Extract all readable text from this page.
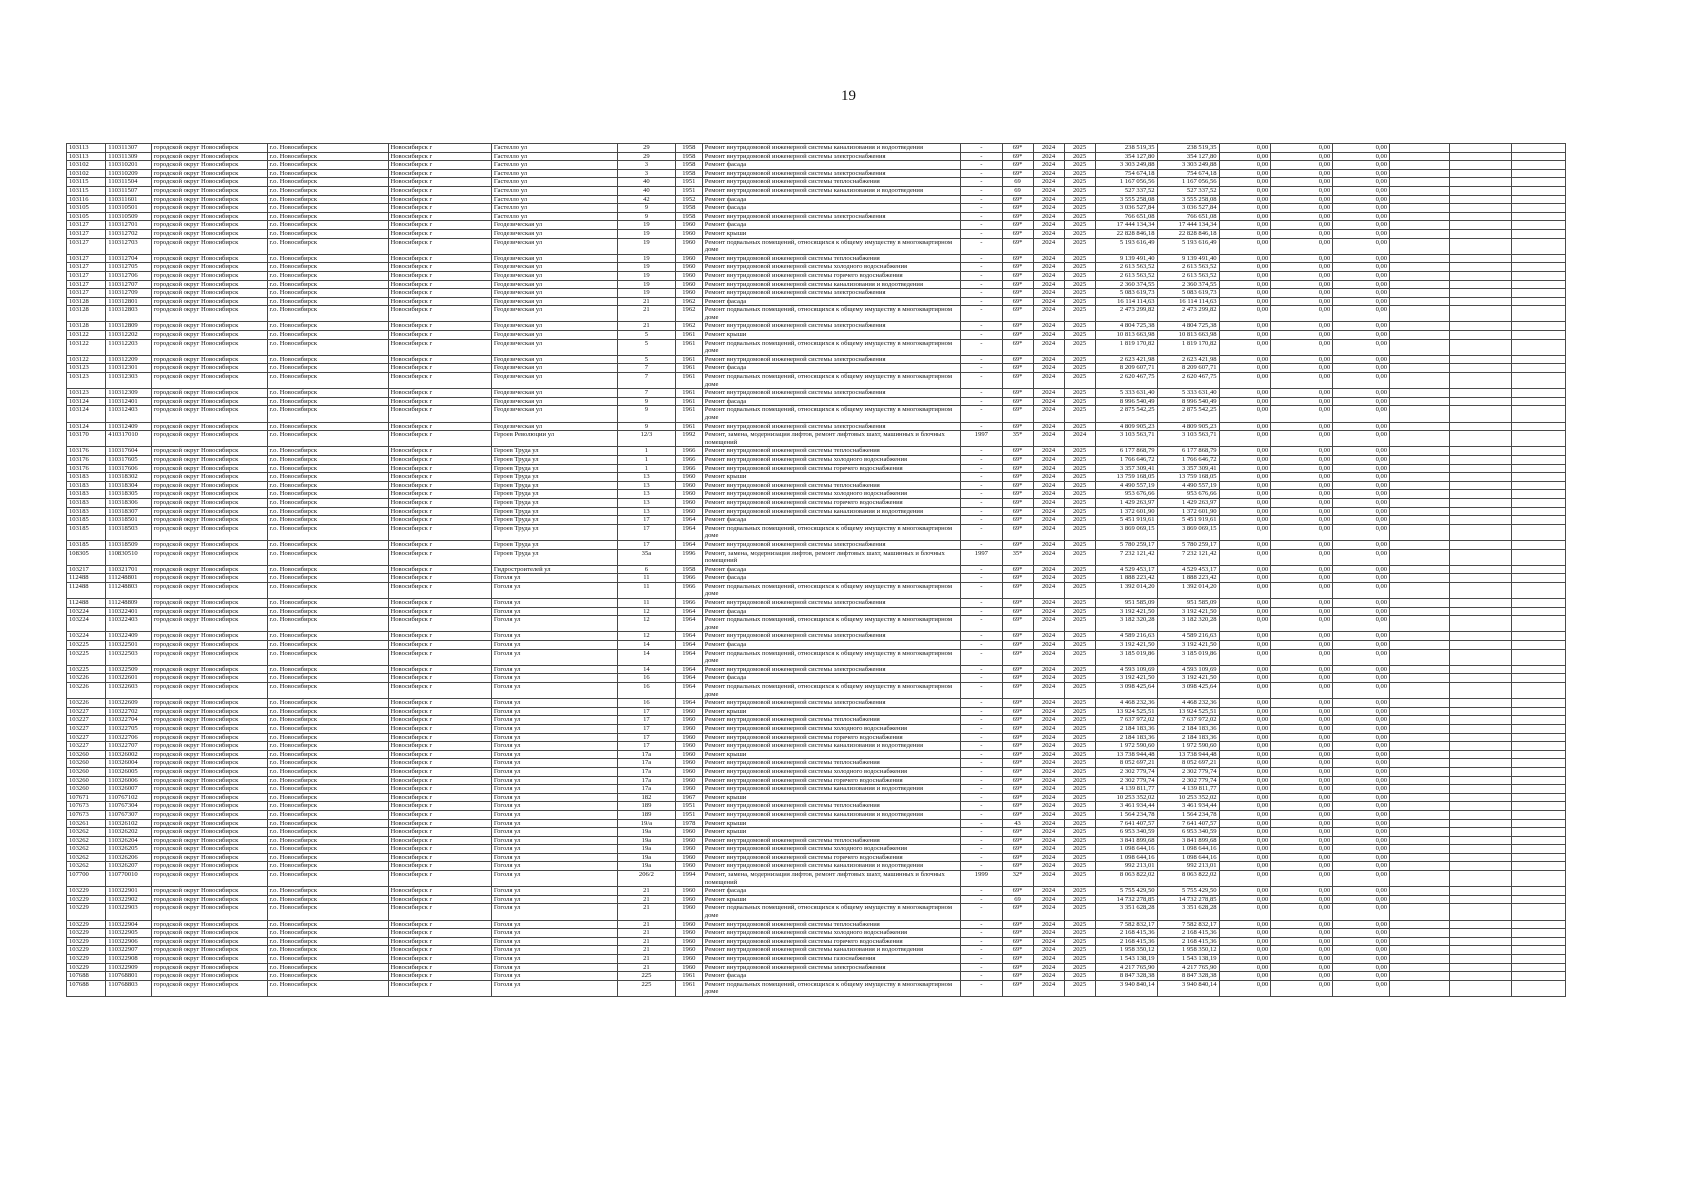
19
103113	110311307	городской округ Новосибирск	г.о. Новосибирск	Новосибирск г	Гастелло ул	29	1958	Ремонт внутридомовой инженерной системы канализования и водоотведения	-	69*	2024	2025	238 519,35	238 519,35	0,00	0,00	0,00			
103113	110311309	городской округ Новосибирск	г.о. Новосибирск	Новосибирск г	Гастелло ул	29	1958	Ремонт внутридомовой инженерной системы электроснабжения	-	69*	2024	2025	354 127,80	354 127,80	0,00	0,00	0,00			
103102	110310201	городской округ Новосибирск	г.о. Новосибирск	Новосибирск г	Гастелло ул	3	1958	Ремонт фасада	-	69*	2024	2025	3 303 249,88	3 303 249,88	0,00	0,00	0,00			
103102	110310209	городской округ Новосибирск	г.о. Новосибирск	Новосибирск г	Гастелло ул	3	1958	Ремонт внутридомовой инженерной системы электроснабжения	-	69*	2024	2025	754 674,18	754 674,18	0,00	0,00	0,00			
103115	110311504	городской округ Новосибирск	г.о. Новосибирск	Новосибирск г	Гастелло ул	40	1951	Ремонт внутридомовой инженерной системы теплоснабжения	-	69	2024	2025	1 167 056,56	1 167 056,56	0,00	0,00	0,00			
103115	110311507	городской округ Новосибирск	г.о. Новосибирск	Новосибирск г	Гастелло ул	40	1951	Ремонт внутридомовой инженерной системы канализования и водоотведения	-	69	2024	2025	527 337,52	527 337,52	0,00	0,00	0,00			
103116	110311601	городской округ Новосибирск	г.о. Новосибирск	Новосибирск г	Гастелло ул	42	1952	Ремонт фасада	-	69*	2024	2025	3 555 258,08	3 555 258,08	0,00	0,00	0,00			
103105	110310501	городской округ Новосибирск	г.о. Новосибирск	Новосибирск г	Гастелло ул	9	1958	Ремонт фасада	-	69*	2024	2025	3 036 527,84	3 036 527,84	0,00	0,00	0,00			
103105	110310509	городской округ Новосибирск	г.о. Новосибирск	Новосибирск г	Гастелло ул	9	1958	Ремонт внутридомовой инженерной системы электроснабжения	-	69*	2024	2025	766 651,08	766 651,08	0,00	0,00	0,00			
103127	110312701	городской округ Новосибирск	г.о. Новосибирск	Новосибирск г	Геодезическая ул	19	1960	Ремонт фасада	-	69*	2024	2025	17 444 134,34	17 444 134,34	0,00	0,00	0,00			
103127	110312702	городской округ Новосибирск	г.о. Новосибирск	Новосибирск г	Геодезическая ул	19	1960	Ремонт крыши	-	69*	2024	2025	22 828 846,18	22 828 846,18	0,00	0,00	0,00			
103127	110312703	городской округ Новосибирск	г.о. Новосибирск	Новосибирск г	Геодезическая ул	19	1960	Ремонт подвальных помещений, относящихся к общему имуществу в многоквартирном доме	-	69*	2024	2025	5 193 616,49	5 193 616,49	0,00	0,00	0,00			
103127	110312704	городской округ Новосибирск	г.о. Новосибирск	Новосибирск г	Геодезическая ул	19	1960	Ремонт внутридомовой инженерной системы теплоснабжения	-	69*	2024	2025	9 139 491,40	9 139 491,40	0,00	0,00	0,00			
103127	110312705	городской округ Новосибирск	г.о. Новосибирск	Новосибирск г	Геодезическая ул	19	1960	Ремонт внутридомовой инженерной системы холодного водоснабжения	-	69*	2024	2025	2 613 563,52	2 613 563,52	0,00	0,00	0,00			
103127	110312706	городской округ Новосибирск	г.о. Новосибирск	Новосибирск г	Геодезическая ул	19	1960	Ремонт внутридомовой инженерной системы горячего водоснабжения	-	69*	2024	2025	2 613 563,52	2 613 563,52	0,00	0,00	0,00			
103127	110312707	городской округ Новосибирск	г.о. Новосибирск	Новосибирск г	Геодезическая ул	19	1960	Ремонт внутридомовой инженерной системы канализования и водоотведения	-	69*	2024	2025	2 360 374,55	2 360 374,55	0,00	0,00	0,00			
103127	110312709	городской округ Новосибирск	г.о. Новосибирск	Новосибирск г	Геодезическая ул	19	1960	Ремонт внутридомовой инженерной системы электроснабжения	-	69*	2024	2025	5 083 619,73	5 083 619,73	0,00	0,00	0,00			
103128	110312801	городской округ Новосибирск	г.о. Новосибирск	Новосибирск г	Геодезическая ул	21	1962	Ремонт фасада	-	69*	2024	2025	16 114 114,63	16 114 114,63	0,00	0,00	0,00			
103128	110312803	городской округ Новосибирск	г.о. Новосибирск	Новосибирск г	Геодезическая ул	21	1962	Ремонт подвальных помещений, относящихся к общему имуществу в многоквартирном доме	-	69*	2024	2025	2 473 299,82	2 473 299,82	0,00	0,00	0,00			
103128	110312809	городской округ Новосибирск	г.о. Новосибирск	Новосибирск г	Геодезическая ул	21	1962	Ремонт внутридомовой инженерной системы электроснабжения	-	69*	2024	2025	4 804 725,38	4 804 725,38	0,00	0,00	0,00			
103122	110312202	городской округ Новосибирск	г.о. Новосибирск	Новосибирск г	Геодезическая ул	5	1961	Ремонт крыши	-	69*	2024	2025	10 813 663,98	10 813 663,98	0,00	0,00	0,00			
103122	110312203	городской округ Новосибирск	г.о. Новосибирск	Новосибирск г	Геодезическая ул	5	1961	Ремонт подвальных помещений, относящихся к общему имуществу в многоквартирном доме	-	69*	2024	2025	1 819 170,82	1 819 170,82	0,00	0,00	0,00			
103122	110312209	городской округ Новосибирск	г.о. Новосибирск	Новосибирск г	Геодезическая ул	5	1961	Ремонт внутридомовой инженерной системы электроснабжения	-	69*	2024	2025	2 623 421,98	2 623 421,98	0,00	0,00	0,00			
103123	110312301	городской округ Новосибирск	г.о. Новосибирск	Новосибирск г	Геодезическая ул	7	1961	Ремонт фасада	-	69*	2024	2025	8 209 607,71	8 209 607,71	0,00	0,00	0,00			
103123	110312303	городской округ Новосибирск	г.о. Новосибирск	Новосибирск г	Геодезическая ул	7	1961	Ремонт подвальных помещений, относящихся к общему имуществу в многоквартирном доме	-	69*	2024	2025	2 620 467,75	2 620 467,75	0,00	0,00	0,00			
103123	110312309	городской округ Новосибирск	г.о. Новосибирск	Новосибирск г	Геодезическая ул	7	1961	Ремонт внутридомовой инженерной системы электроснабжения	-	69*	2024	2025	5 333 631,40	5 333 631,40	0,00	0,00	0,00			
103124	110312401	городской округ Новосибирск	г.о. Новосибирск	Новосибирск г	Геодезическая ул	9	1961	Ремонт фасада	-	69*	2024	2025	8 996 540,49	8 996 540,49	0,00	0,00	0,00			
103124	110312403	городской округ Новосибирск	г.о. Новосибирск	Новосибирск г	Геодезическая ул	9	1961	Ремонт подвальных помещений, относящихся к общему имуществу в многоквартирном доме	-	69*	2024	2025	2 875 542,25	2 875 542,25	0,00	0,00	0,00			
103124	110312409	городской округ Новосибирск	г.о. Новосибирск	Новосибирск г	Геодезическая ул	9	1961	Ремонт внутридомовой инженерной системы электроснабжения	-	69*	2024	2025	4 809 905,23	4 809 905,23	0,00	0,00	0,00			
103170	410317010	городской округ Новосибирск	г.о. Новосибирск	Новосибирск г	Героев Революции ул	12/3	1992	Ремонт, замена, модернизация лифтов, ремонт лифтовых шахт, машинных и блочных помещений	1997	35*	2024	2024	3 103 563,71	3 103 563,71	0,00	0,00	0,00			
103176	110317604	городской округ Новосибирск	г.о. Новосибирск	Новосибирск г	Героев Труда ул	1	1966	Ремонт внутридомовой инженерной системы теплоснабжения	-	69*	2024	2025	6 177 868,79	6 177 868,79	0,00	0,00	0,00			
103176	110317605	городской округ Новосибирск	г.о. Новосибирск	Новосибирск г	Героев Труда ул	1	1966	Ремонт внутридомовой инженерной системы холодного водоснабжения	-	69*	2024	2025	1 766 646,72	1 766 646,72	0,00	0,00	0,00			
103176	110317606	городской округ Новосибирск	г.о. Новосибирск	Новосибирск г	Героев Труда ул	1	1966	Ремонт внутридомовой инженерной системы горячего водоснабжения	-	69*	2024	2025	3 357 309,41	3 357 309,41	0,00	0,00	0,00			
103183	110318302	городской округ Новосибирск	г.о. Новосибирск	Новосибирск г	Героев Труда ул	13	1960	Ремонт крыши	-	69*	2024	2025	13 759 168,05	13 759 168,05	0,00	0,00	0,00			
103183	110318304	городской округ Новосибирск	г.о. Новосибирск	Новосибирск г	Героев Труда ул	13	1960	Ремонт внутридомовой инженерной системы теплоснабжения	-	69*	2024	2025	4 490 557,19	4 490 557,19	0,00	0,00	0,00			
103183	110318305	городской округ Новосибирск	г.о. Новосибирск	Новосибирск г	Героев Труда ул	13	1960	Ремонт внутридомовой инженерной системы холодного водоснабжения	-	69*	2024	2025	953 676,66	953 676,66	0,00	0,00	0,00			
103183	110318306	городской округ Новосибирск	г.о. Новосибирск	Новосибирск г	Героев Труда ул	13	1960	Ремонт внутридомовой инженерной системы горячего водоснабжения	-	69*	2024	2025	1 429 263,97	1 429 263,97	0,00	0,00	0,00			
103183	110318307	городской округ Новосибирск	г.о. Новосибирск	Новосибирск г	Героев Труда ул	13	1960	Ремонт внутридомовой инженерной системы канализования и водоотведения	-	69*	2024	2025	1 372 601,90	1 372 601,90	0,00	0,00	0,00			
103185	110318501	городской округ Новосибирск	г.о. Новосибирск	Новосибирск г	Героев Труда ул	17	1964	Ремонт фасада	-	69*	2024	2025	5 451 919,61	5 451 919,61	0,00	0,00	0,00			
103185	110318503	городской округ Новосибирск	г.о. Новосибирск	Новосибирск г	Героев Труда ул	17	1964	Ремонт подвальных помещений, относящихся к общему имуществу в многоквартирном доме	-	69*	2024	2025	3 869 069,15	3 869 069,15	0,00	0,00	0,00			
103185	110318509	городской округ Новосибирск	г.о. Новосибирск	Новосибирск г	Героев Труда ул	17	1964	Ремонт внутридомовой инженерной системы электроснабжения	-	69*	2024	2025	5 780 259,17	5 780 259,17	0,00	0,00	0,00			
108305	110830510	городской округ Новосибирск	г.о. Новосибирск	Новосибирск г	Героев Труда ул	35а	1996	Ремонт, замена, модернизация лифтов, ремонт лифтовых шахт, машинных и блочных помещений	1997	35*	2024	2025	7 232 121,42	7 232 121,42	0,00	0,00	0,00			
103217	110321701	городской округ Новосибирск	г.о. Новосибирск	Новосибирск г	Гидростроителей ул	6	1958	Ремонт фасада	-	69*	2024	2025	4 529 453,17	4 529 453,17	0,00	0,00	0,00			
112488	111248801	городской округ Новосибирск	г.о. Новосибирск	Новосибирск г	Гоголя ул	11	1966	Ремонт фасада	-	69*	2024	2025	1 888 223,42	1 888 223,42	0,00	0,00	0,00			
112488	111248803	городской округ Новосибирск	г.о. Новосибирск	Новосибирск г	Гоголя ул	11	1966	Ремонт подвальных помещений, относящихся к общему имуществу в многоквартирном доме	-	69*	2024	2025	1 392 014,20	1 392 014,20	0,00	0,00	0,00			
112488	111248809	городской округ Новосибирск	г.о. Новосибирск	Новосибирск г	Гоголя ул	11	1966	Ремонт внутридомовой инженерной системы электроснабжения	-	69*	2024	2025	951 585,09	951 585,09	0,00	0,00	0,00			
103224	110322401	городской округ Новосибирск	г.о. Новосибирск	Новосибирск г	Гоголя ул	12	1964	Ремонт фасада	-	69*	2024	2025	3 192 421,50	3 192 421,50	0,00	0,00	0,00			
103224	110322403	городской округ Новосибирск	г.о. Новосибирск	Новосибирск г	Гоголя ул	12	1964	Ремонт подвальных помещений, относящихся к общему имуществу в многоквартирном доме	-	69*	2024	2025	3 182 320,28	3 182 320,28	0,00	0,00	0,00			
103224	110322409	городской округ Новосибирск	г.о. Новосибирск	Новосибирск г	Гоголя ул	12	1964	Ремонт внутридомовой инженерной системы электроснабжения	-	69*	2024	2025	4 589 216,63	4 589 216,63	0,00	0,00	0,00			
103225	110322501	городской округ Новосибирск	г.о. Новосибирск	Новосибирск г	Гоголя ул	14	1964	Ремонт фасада	-	69*	2024	2025	3 192 421,50	3 192 421,50	0,00	0,00	0,00			
103225	110322503	городской округ Новосибирск	г.о. Новосибирск	Новосибирск г	Гоголя ул	14	1964	Ремонт подвальных помещений, относящихся к общему имуществу в многоквартирном доме	-	69*	2024	2025	3 185 019,86	3 185 019,86	0,00	0,00	0,00			
103225	110322509	городской округ Новосибирск	г.о. Новосибирск	Новосибирск г	Гоголя ул	14	1964	Ремонт внутридомовой инженерной системы электроснабжения	-	69*	2024	2025	4 593 109,69	4 593 109,69	0,00	0,00	0,00			
103226	110322601	городской округ Новосибирск	г.о. Новосибирск	Новосибирск г	Гоголя ул	16	1964	Ремонт фасада	-	69*	2024	2025	3 192 421,50	3 192 421,50	0,00	0,00	0,00			
103226	110322603	городской округ Новосибирск	г.о. Новосибирск	Новосибирск г	Гоголя ул	16	1964	Ремонт подвальных помещений, относящихся к общему имуществу в многоквартирном доме	-	69*	2024	2025	3 098 425,64	3 098 425,64	0,00	0,00	0,00			
103226	110322609	городской округ Новосибирск	г.о. Новосибирск	Новосибирск г	Гоголя ул	16	1964	Ремонт внутридомовой инженерной системы электроснабжения	-	69*	2024	2025	4 468 232,36	4 468 232,36	0,00	0,00	0,00			
103227	110322702	городской округ Новосибирск	г.о. Новосибирск	Новосибирск г	Гоголя ул	17	1960	Ремонт крыши	-	69*	2024	2025	13 924 525,51	13 924 525,51	0,00	0,00	0,00			
103227	110322704	городской округ Новосибирск	г.о. Новосибирск	Новосибирск г	Гоголя ул	17	1960	Ремонт внутридомовой инженерной системы теплоснабжения	-	69*	2024	2025	7 637 972,02	7 637 972,02	0,00	0,00	0,00			
103227	110322705	городской округ Новосибирск	г.о. Новосибирск	Новосибирск г	Гоголя ул	17	1960	Ремонт внутридомовой инженерной системы холодного водоснабжения	-	69*	2024	2025	2 184 183,36	2 184 183,36	0,00	0,00	0,00			
103227	110322706	городской округ Новосибирск	г.о. Новосибирск	Новосибирск г	Гоголя ул	17	1960	Ремонт внутридомовой инженерной системы горячего водоснабжения	-	69*	2024	2025	2 184 183,36	2 184 183,36	0,00	0,00	0,00			
103227	110322707	городской округ Новосибирск	г.о. Новосибирск	Новосибирск г	Гоголя ул	17	1960	Ремонт внутридомовой инженерной системы канализования и водоотведения	-	69*	2024	2025	1 972 590,60	1 972 590,60	0,00	0,00	0,00			
103260	110326002	городской округ Новосибирск	г.о. Новосибирск	Новосибирск г	Гоголя ул	17а	1960	Ремонт крыши	-	69*	2024	2025	13 738 944,48	13 738 944,48	0,00	0,00	0,00			
103260	110326004	городской округ Новосибирск	г.о. Новосибирск	Новосибирск г	Гоголя ул	17а	1960	Ремонт внутридомовой инженерной системы теплоснабжения	-	69*	2024	2025	8 052 697,21	8 052 697,21	0,00	0,00	0,00			
103260	110326005	городской округ Новосибирск	г.о. Новосибирск	Новосибирск г	Гоголя ул	17а	1960	Ремонт внутридомовой инженерной системы холодного водоснабжения	-	69*	2024	2025	2 302 779,74	2 302 779,74	0,00	0,00	0,00			
103260	110326006	городской округ Новосибирск	г.о. Новосибирск	Новосибирск г	Гоголя ул	17а	1960	Ремонт внутридомовой инженерной системы горячего водоснабжения	-	69*	2024	2025	2 302 779,74	2 302 779,74	0,00	0,00	0,00			
103260	110326007	городской округ Новосибирск	г.о. Новосибирск	Новосибирск г	Гоголя ул	17а	1960	Ремонт внутридомовой инженерной системы канализования и водоотведения	-	69*	2024	2025	4 139 811,77	4 139 811,77	0,00	0,00	0,00			
107671	110767102	городской округ Новосибирск	г.о. Новосибирск	Новосибирск г	Гоголя ул	182	1967	Ремонт крыши	-	69*	2024	2025	10 253 352,02	10 253 352,02	0,00	0,00	0,00			
107673	110767304	городской округ Новосибирск	г.о. Новосибирск	Новосибирск г	Гоголя ул	189	1951	Ремонт внутридомовой инженерной системы теплоснабжения	-	69*	2024	2025	3 461 934,44	3 461 934,44	0,00	0,00	0,00			
107673	110767307	городской округ Новосибирск	г.о. Новосибирск	Новосибирск г	Гоголя ул	189	1951	Ремонт внутридомовой инженерной системы канализования и водоотведения	-	69*	2024	2025	1 564 234,78	1 564 234,78	0,00	0,00	0,00			
103261	110326102	городской округ Новосибирск	г.о. Новосибирск	Новосибирск г	Гоголя ул	19/а	1978	Ремонт крыши	-	43	2024	2025	7 641 407,57	7 641 407,57	0,00	0,00	0,00			
103262	110326202	городской округ Новосибирск	г.о. Новосибирск	Новосибирск г	Гоголя ул	19а	1960	Ремонт крыши	-	69*	2024	2025	6 953 340,59	6 953 340,59	0,00	0,00	0,00			
103262	110326204	городской округ Новосибирск	г.о. Новосибирск	Новосибирск г	Гоголя ул	19а	1960	Ремонт внутридомовой инженерной системы теплоснабжения	-	69*	2024	2025	3 841 899,68	3 841 899,68	0,00	0,00	0,00			
103262	110326205	городской округ Новосибирск	г.о. Новосибирск	Новосибирск г	Гоголя ул	19а	1960	Ремонт внутридомовой инженерной системы холодного водоснабжения	-	69*	2024	2025	1 098 644,16	1 098 644,16	0,00	0,00	0,00			
103262	110326206	городской округ Новосибирск	г.о. Новосибирск	Новосибирск г	Гоголя ул	19а	1960	Ремонт внутридомовой инженерной системы горячего водоснабжения	-	69*	2024	2025	1 098 644,16	1 098 644,16	0,00	0,00	0,00			
103262	110326207	городской округ Новосибирск	г.о. Новосибирск	Новосибирск г	Гоголя ул	19а	1960	Ремонт внутридомовой инженерной системы канализования и водоотведения	-	69*	2024	2025	992 213,01	992 213,01	0,00	0,00	0,00			
107700	110770010	городской округ Новосибирск	г.о. Новосибирск	Новосибирск г	Гоголя ул	206/2	1994	Ремонт, замена, модернизация лифтов, ремонт лифтовых шахт, машинных и блочных помещений	1999	32*	2024	2025	8 063 822,02	8 063 822,02	0,00	0,00	0,00			
103229	110322901	городской округ Новосибирск	г.о. Новосибирск	Новосибирск г	Гоголя ул	21	1960	Ремонт фасада	-	69*	2024	2025	5 755 429,50	5 755 429,50	0,00	0,00	0,00			
103229	110322902	городской округ Новосибирск	г.о. Новосибирск	Новосибирск г	Гоголя ул	21	1960	Ремонт крыши	-	69	2024	2025	14 732 278,85	14 732 278,85	0,00	0,00	0,00			
103229	110322903	городской округ Новосибирск	г.о. Новосибирск	Новосибирск г	Гоголя ул	21	1960	Ремонт подвальных помещений, относящихся к общему имуществу в многоквартирном доме	-	69*	2024	2025	3 351 628,28	3 351 628,28	0,00	0,00	0,00			
103229	110322904	городской округ Новосибирск	г.о. Новосибирск	Новосибирск г	Гоголя ул	21	1960	Ремонт внутридомовой инженерной системы теплоснабжения	-	69*	2024	2025	7 582 832,17	7 582 832,17	0,00	0,00	0,00			
103229	110322905	городской округ Новосибирск	г.о. Новосибирск	Новосибирск г	Гоголя ул	21	1960	Ремонт внутридомовой инженерной системы холодного водоснабжения	-	69*	2024	2025	2 168 415,36	2 168 415,36	0,00	0,00	0,00			
103229	110322906	городской округ Новосибирск	г.о. Новосибирск	Новосибирск г	Гоголя ул	21	1960	Ремонт внутридомовой инженерной системы горячего водоснабжения	-	69*	2024	2025	2 168 415,36	2 168 415,36	0,00	0,00	0,00			
103229	110322907	городской округ Новосибирск	г.о. Новосибирск	Новосибирск г	Гоголя ул	21	1960	Ремонт внутридомовой инженерной системы канализования и водоотведения	-	69*	2024	2025	1 958 350,12	1 958 350,12	0,00	0,00	0,00			
103229	110322908	городской округ Новосибирск	г.о. Новосибирск	Новосибирск г	Гоголя ул	21	1960	Ремонт внутридомовой инженерной системы газоснабжения	-	69*	2024	2025	1 543 138,19	1 543 138,19	0,00	0,00	0,00			
103229	110322909	городской округ Новосибирск	г.о. Новосибирск	Новосибирск г	Гоголя ул	21	1960	Ремонт внутридомовой инженерной системы электроснабжения	-	69*	2024	2025	4 217 765,90	4 217 765,90	0,00	0,00	0,00			
107688	110768801	городской округ Новосибирск	г.о. Новосибирск	Новосибирск г	Гоголя ул	225	1961	Ремонт фасада	-	69*	2024	2025	8 847 328,38	8 847 328,38	0,00	0,00	0,00			
107688	110768803	городской округ Новосибирск	г.о. Новосибирск	Новосибирск г	Гоголя ул	225	1961	Ремонт подвальных помещений, относящихся к общему имуществу в многоквартирном доме	-	69*	2024	2025	3 940 840,14	3 940 840,14	0,00	0,00	0,00			
